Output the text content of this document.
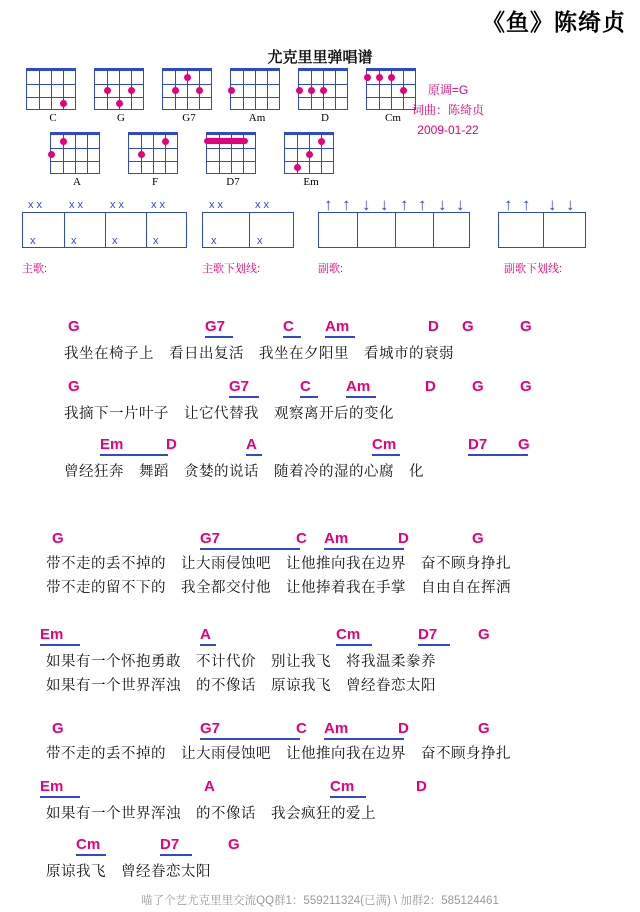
《鱼》陈绮贞
尤克里里弹唱谱
原调=G
词曲：陈绮贞
2009-01-22
C	G	G7	Am	D	Cm
A	F	D7	Em
x x x x x x x x
x	x	x	x
主歌:
x x	x x
x	x
主歌下划线:
↑ ↑ ↓ ↓ ↑ ↑ ↓ ↓
副歌:
↑ ↑ ↓ ↓
副歌下划线:
G	G7	C Am	D G	G
我坐在椅子上　看日出复活　我坐在夕阳里　看城市的衰弱
G	G7	C Am	D G G
我摘下一片叶子　让它代替我　观察离开后的变化
Em	D	A	Cm	D7 G
曾经狂奔　舞蹈　贪婪的说话　随着冷的湿的心腐　化
G	G7	C Am	D	G
带不走的丢不掉的　让大雨侵蚀吧　让他推向我在边界　奋不顾身挣扎
带不走的留不下的　我全都交付他　让他捧着我在手掌　自由自在挥洒
Em	A	Cm	D7	G
如果有一个怀抱勇敢　不计代价　别让我飞　将我温柔豢养
如果有一个世界浑浊　的不像话　原谅我飞　曾经眷恋太阳
G	G7	C Am	D	G
带不走的丢不掉的　让大雨侵蚀吧　让他推向我在边界　奋不顾身挣扎
Em	A	Cm	D
如果有一个世界浑浊　的不像话　我会疯狂的爱上
Cm	D7	G
原谅我飞　曾经眷恋太阳
喵了个艺尤克里里交流QQ群1：559211324(已满) \ 加群2：585124461
